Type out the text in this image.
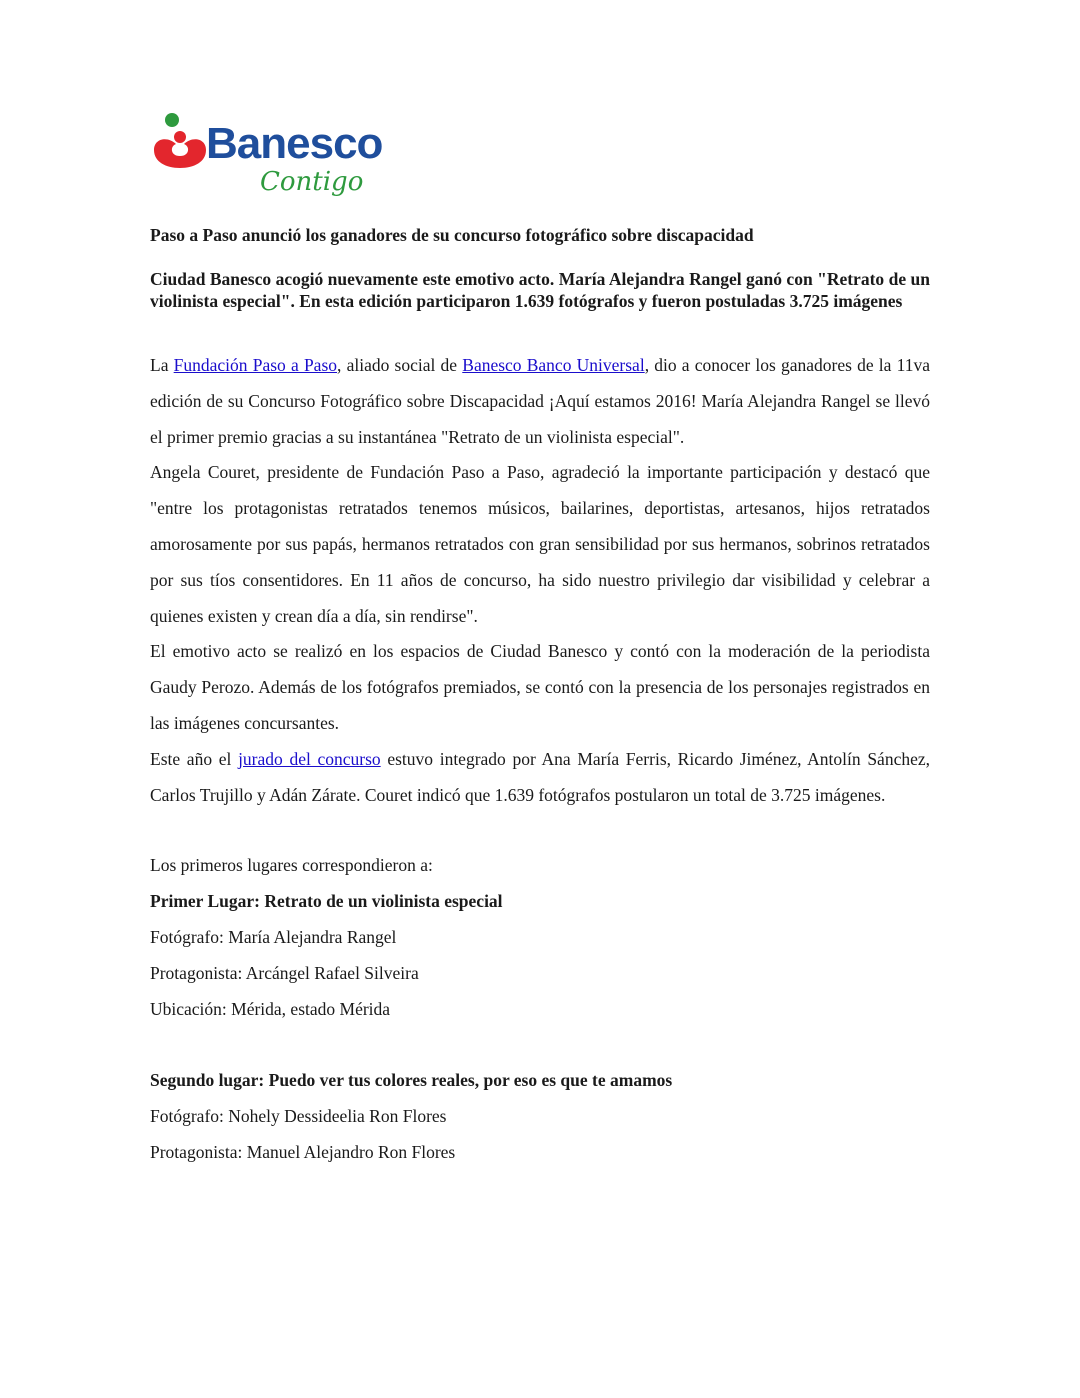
Banesco
Contigo
Paso a Paso anunció los ganadores de su concurso fotográfico sobre discapacidad
Ciudad Banesco acogió nuevamente este emotivo acto. María Alejandra Rangel ganó con "Retrato de un violinista especial". En esta edición participaron 1.639 fotógrafos y fueron postuladas 3.725 imágenes

La Fundación Paso a Paso, aliado social de Banesco Banco Universal, dio a conocer los ganadores de la 11va edición de su Concurso Fotográfico sobre Discapacidad ¡Aquí estamos 2016! María Alejandra Rangel se llevó el primer premio gracias a su instantánea "Retrato de un violinista especial".

Angela Couret, presidente de Fundación Paso a Paso, agradeció la importante participación y destacó que "entre los protagonistas retratados tenemos músicos, bailarines, deportistas, artesanos, hijos retratados amorosamente por sus papás, hermanos retratados con gran sensibilidad por sus hermanos, sobrinos retratados por sus tíos consentidores. En 11 años de concurso, ha sido nuestro privilegio dar visibilidad y celebrar a quienes existen y crean día a día, sin rendirse".

El emotivo acto se realizó en los espacios de Ciudad Banesco y contó con la moderación de la periodista Gaudy Perozo. Además de los fotógrafos premiados, se contó con la presencia de los personajes registrados en las imágenes concursantes.

Este año el jurado del concurso estuvo integrado por Ana María Ferris, Ricardo Jiménez, Antolín Sánchez, Carlos Trujillo y Adán Zárate. Couret indicó que 1.639 fotógrafos postularon un total de 3.725 imágenes.

Los primeros lugares correspondieron a:
Primer Lugar: Retrato de un violinista especial
Fotógrafo: María Alejandra Rangel
Protagonista: Arcángel Rafael Silveira
Ubicación: Mérida, estado Mérida
Segundo lugar: Puedo ver tus colores reales, por eso es que te amamos
Fotógrafo: Nohely Dessideelia Ron Flores
Protagonista: Manuel Alejandro Ron Flores
